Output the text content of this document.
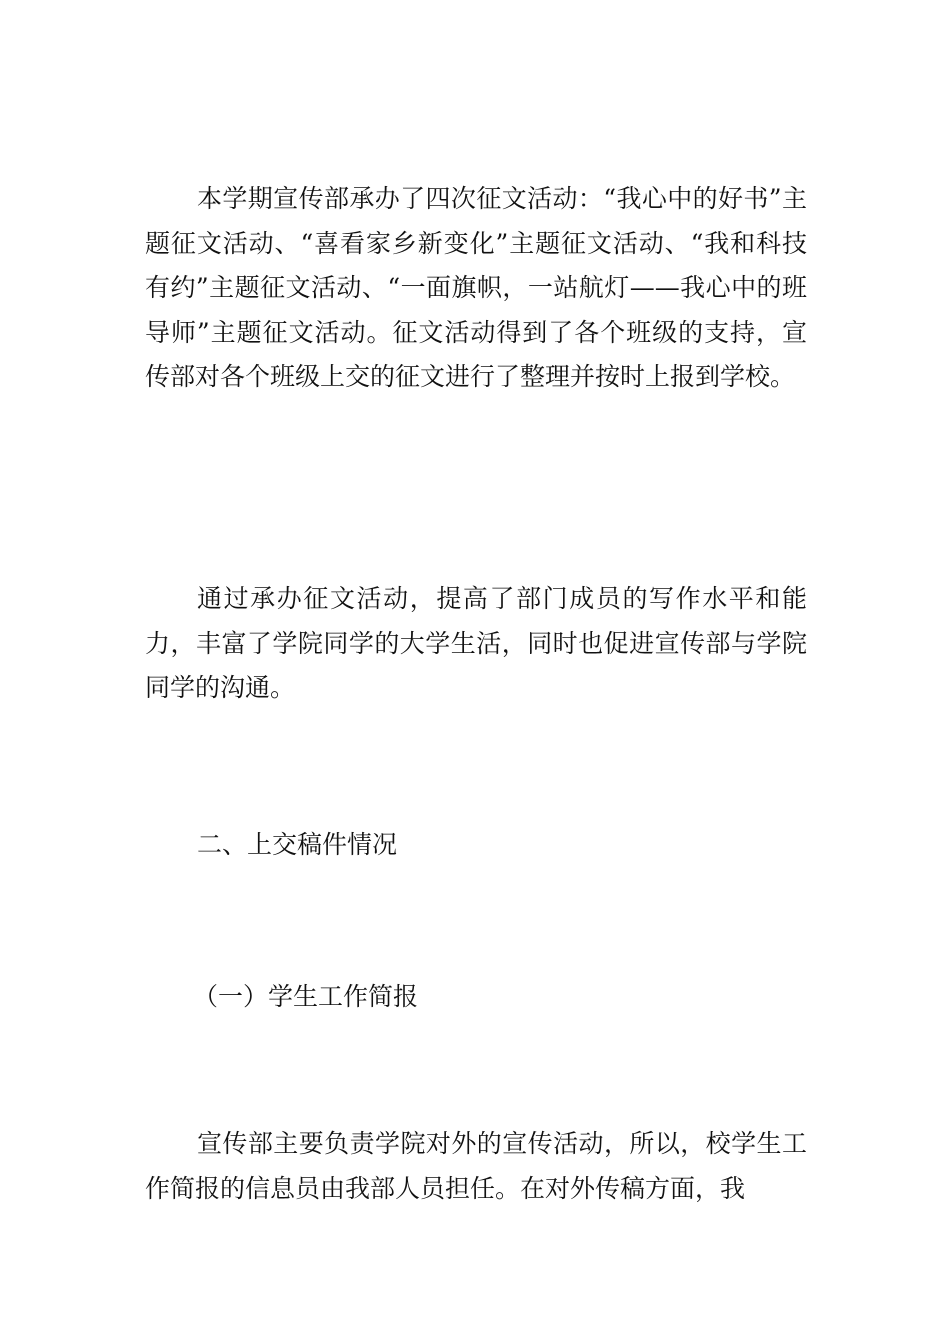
本学期宣传部承办了四次征文活动：“我心中的好书”主题征文活动、“喜看家乡新变化”主题征文活动、“我和科技有约”主题征文活动、“一面旗帜，一站航灯——我心中的班导师”主题征文活动。征文活动得到了各个班级的支持，宣传部对各个班级上交的征文进行了整理并按时上报到学校。

通过承办征文活动，提高了部门成员的写作水平和能力，丰富了学院同学的大学生活，同时也促进宣传部与学院同学的沟通。

二、上交稿件情况

（一）学生工作简报

宣传部主要负责学院对外的宣传活动，所以，校学生工作简报的信息员由我部人员担任。在对外传稿方面，我
